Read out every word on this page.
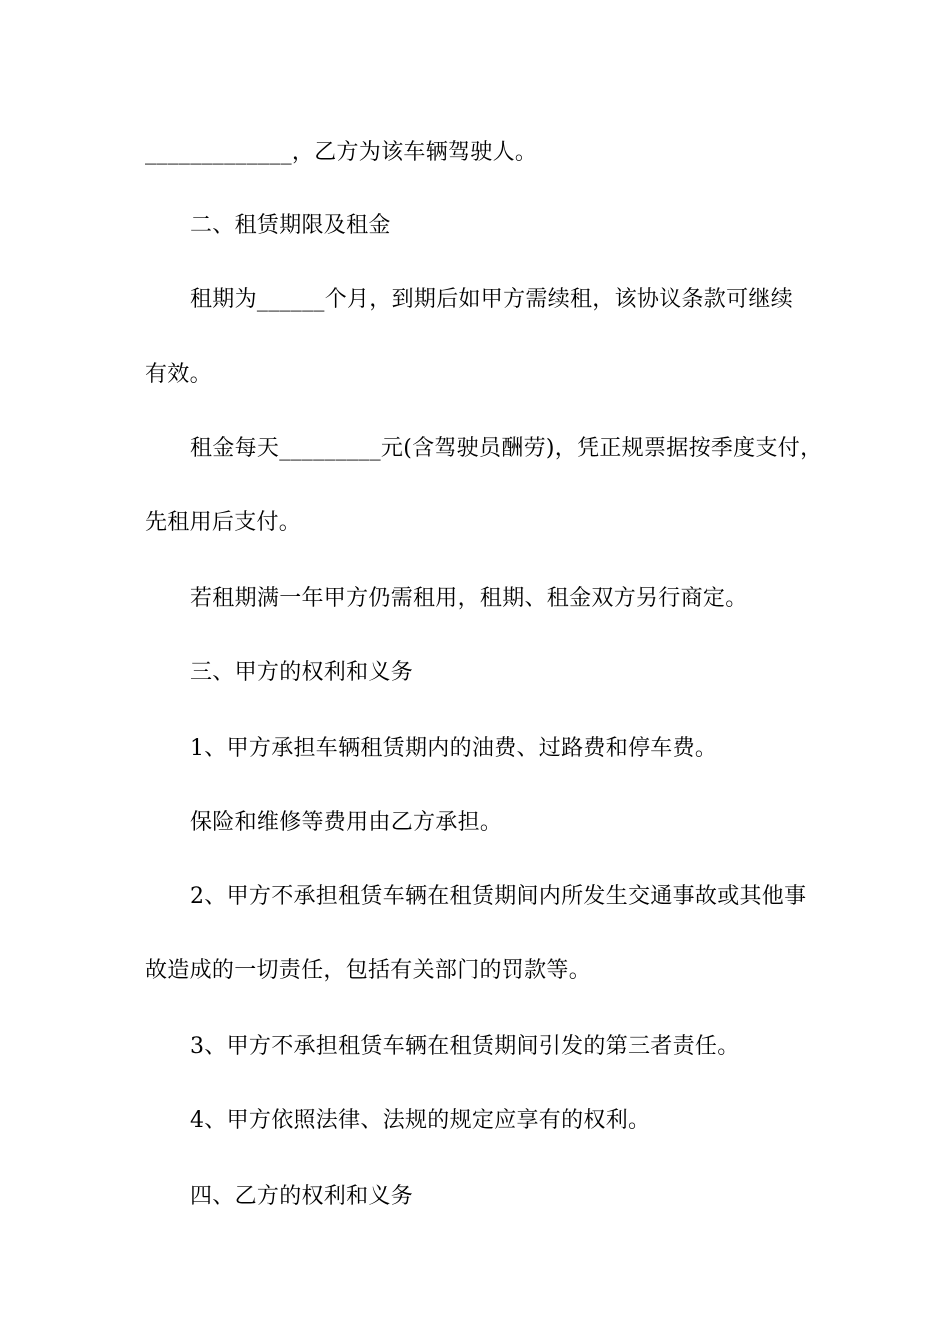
_____________，乙方为该车辆驾驶人。
二、租赁期限及租金
租期为______个月，到期后如甲方需续租，该协议条款可继续
有效。
租金每天_________元(含驾驶员酬劳)，凭正规票据按季度支付，
先租用后支付。
若租期满一年甲方仍需租用，租期、租金双方另行商定。
三、甲方的权利和义务
1、甲方承担车辆租赁期内的油费、过路费和停车费。
保险和维修等费用由乙方承担。
2、甲方不承担租赁车辆在租赁期间内所发生交通事故或其他事
故造成的一切责任，包括有关部门的罚款等。
3、甲方不承担租赁车辆在租赁期间引发的第三者责任。
4、甲方依照法律、法规的规定应享有的权利。
四、乙方的权利和义务
